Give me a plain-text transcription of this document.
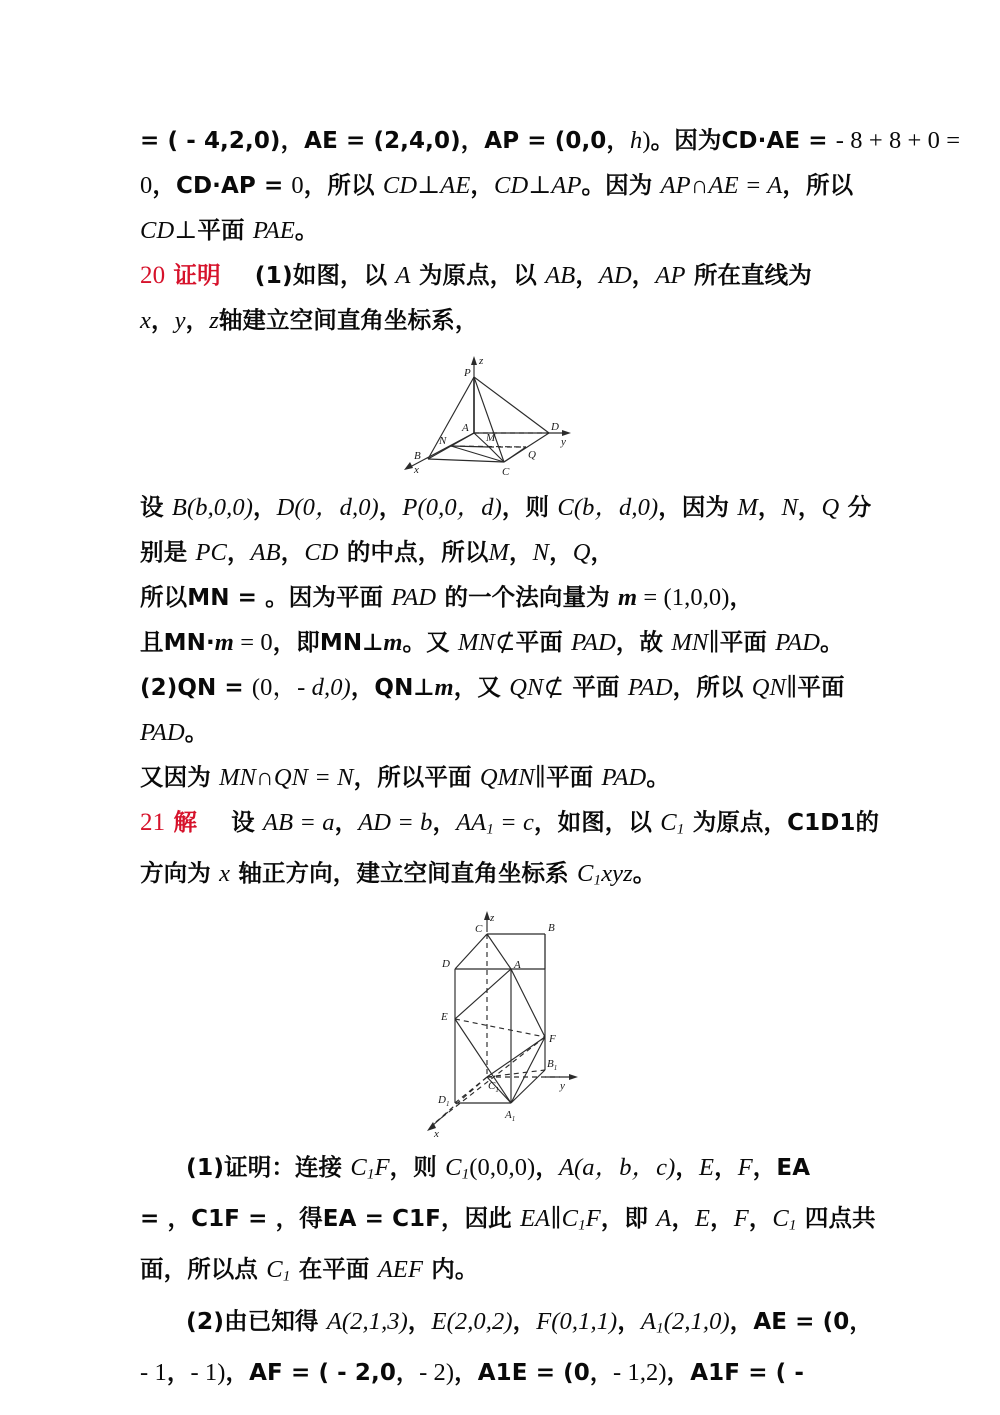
= ( - 4,2,0)，AE = (2,4,0)，AP = (0,0，h)。因为CD·AE = - 8 + 8 + 0 =
0，CD·AP = 0，所以 CD⊥AE，CD⊥AP。因为 AP∩AE = A，所以
CD⊥平面 PAE。
20 证明 (1)如图，以 A 为原点，以 AB，AD，AP 所在直线为
x，y，z轴建立空间直角坐标系，
z
P
A
M
D
y
N
Q
B
C
x
设 B(b,0,0)，D(0，d,0)，P(0,0，d)，则 C(b，d,0)，因为 M，N，Q 分
别是 PC，AB，CD 的中点，所以M，N，Q，
所以MN = 。因为平面 PAD 的一个法向量为 m = (1,0,0)，
且MN·m = 0，即MN⊥m。又 MN⊄平面 PAD，故 MN∥平面 PAD。
(2)QN = (0，- d,0)，QN⊥m，又 QN⊄ 平面 PAD，所以 QN∥平面
PAD。
又因为 MN∩QN = N，所以平面 QMN∥平面 PAD。
21 解 设 AB = a，AD = b，$AA_1 = c$，如图，以 $C_1$ 为原点，C1D1的
方向为 x 轴正方向，建立空间直角坐标系 $C_1xyz$。
z
C	B
D	A
E
F
$B_1$
y
$C_1$
$D_1$
$A_1$
x
(1)证明：连接 $C_1F$，则 $C_1(0,0,0)$，A(a，b，c)，E，F，EA
= ，C1F = ，得EA = C1F，因此 $EA\parallel C_1F$，即 A，E，F，$C_1$ 四点共
面，所以点 $C_1$ 在平面 AEF 内。
(2)由已知得 A(2,1,3)，E(2,0,2)，F(0,1,1)，$A_1(2,1,0)$，AE = (0，
- 1，- 1)，AF = ( - 2,0，- 2)，A1E = (0，- 1,2)，A1F = ( -
